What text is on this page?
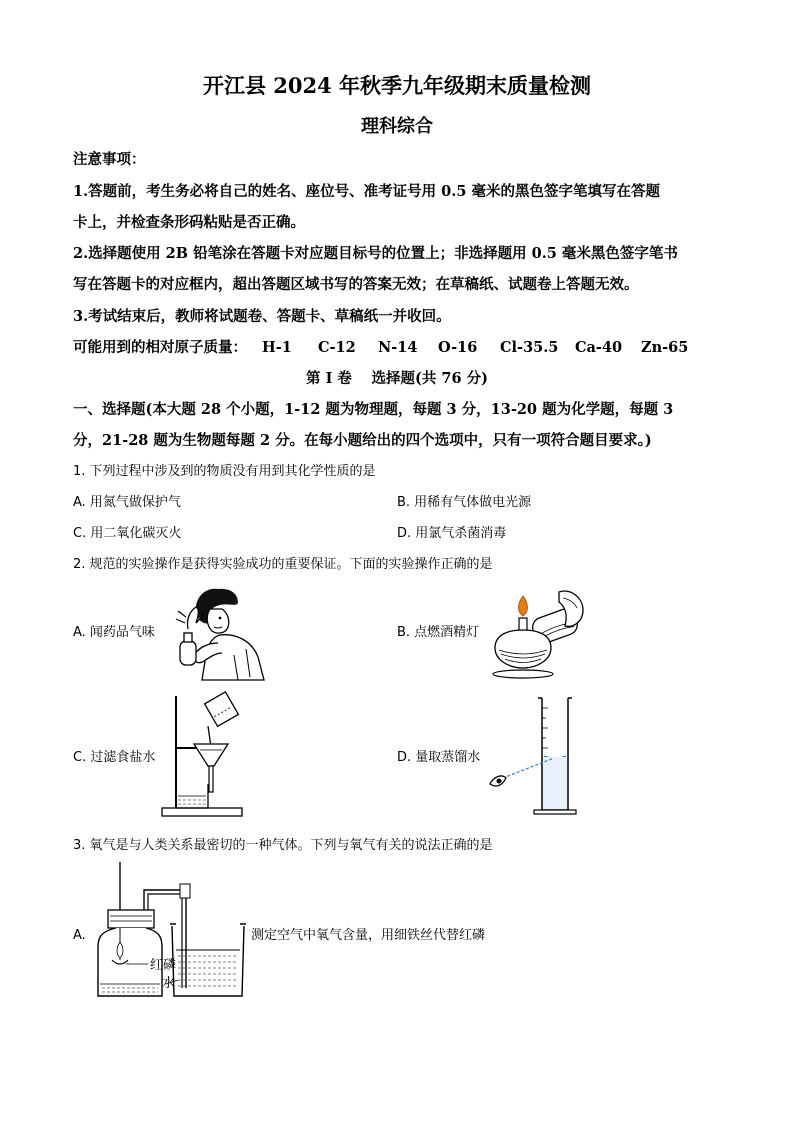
开江县 2024 年秋季九年级期末质量检测
理科综合
注意事项：
1.答题前，考生务必将自己的姓名、座位号、准考证号用 0.5 毫米的黑色签字笔填写在答题
卡上，并检查条形码粘贴是否正确。
2.选择题使用 2B 铅笔涂在答题卡对应题目标号的位置上；非选择题用 0.5 毫米黑色签字笔书
写在答题卡的对应框内，超出答题区域书写的答案无效；在草稿纸、试题卷上答题无效。
3.考试结束后，教师将试题卷、答题卡、草稿纸一并收回。
可能用到的相对原子质量： H-1 C-12 N-14 O-16 Cl-35.5 Ca-40 Zn-65
第 I 卷　 选择题(共 76 分)
一、选择题(本大题 28 个小题，1-12 题为物理题，每题 3 分，13-20 题为化学题，每题 3
分，21-28 题为生物题每题 2 分。在每小题给出的四个选项中，只有一项符合题目要求。)
1. 下列过程中涉及到的物质没有用到其化学性质的是
A. 用氮气做保护气	B. 用稀有气体做电光源
C. 用二氧化碳灭火	D. 用氯气杀菌消毒
2. 规范的实验操作是获得实验成功的重要保证。下面的实验操作正确的是
A. 闻药品气味	B. 点燃酒精灯
C. 过滤食盐水	D. 量取蒸馏水
3. 氧气是与人类关系最密切的一种气体。下列与氧气有关的说法正确的是
A.	测定空气中氧气含量，用细铁丝代替红磷
红磷
水
